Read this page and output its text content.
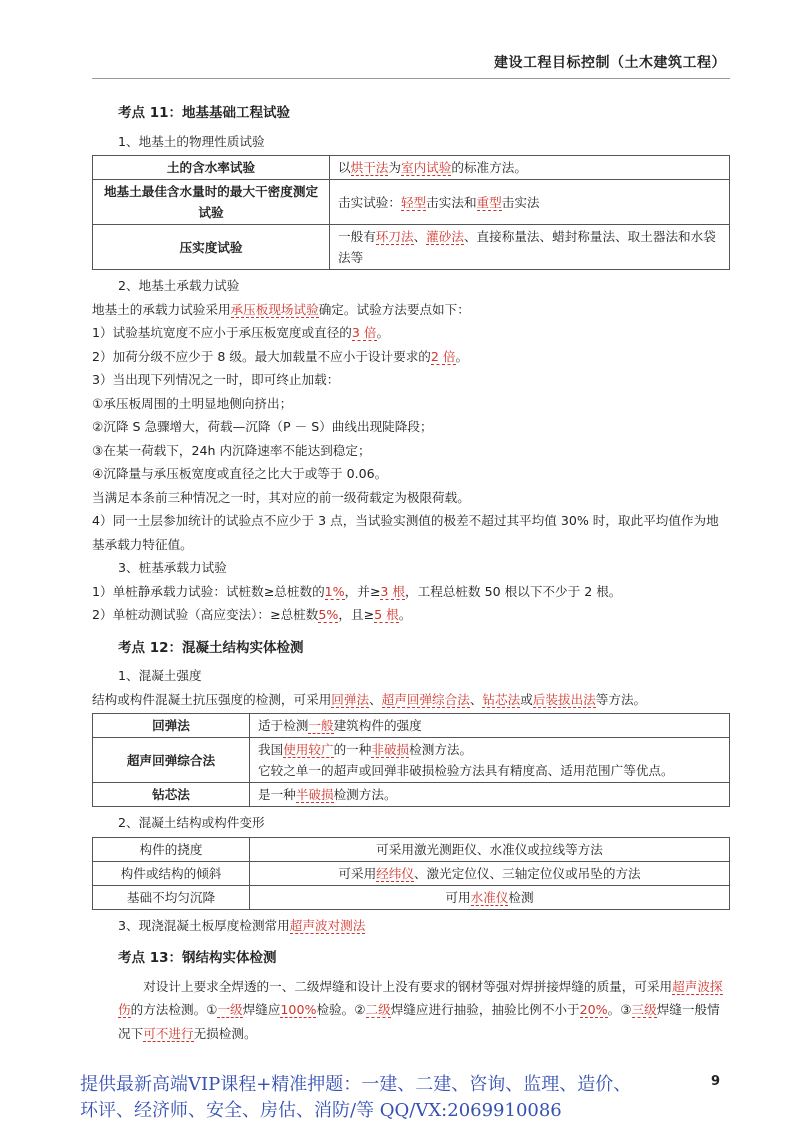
建设工程目标控制（土木建筑工程）
考点 11：地基基础工程试验
1、地基土的物理性质试验
土的含水率试验	以烘干法为室内试验的标准方法。
地基土最佳含水量时的最大干密度测定试验	击实试验：轻型击实法和重型击实法
压实度试验	一般有环刀法、灌砂法、直接称量法、蜡封称量法、取土器法和水袋法等
2、地基土承载力试验
地基土的承载力试验采用承压板现场试验确定。试验方法要点如下：
1）试验基坑宽度不应小于承压板宽度或直径的3 倍。
2）加荷分级不应少于 8 级。最大加载量不应小于设计要求的2 倍。
3）当出现下列情况之一时，即可终止加载：
①承压板周围的土明显地侧向挤出；
②沉降 S 急骤增大，荷载—沉降（P － S）曲线出现陡降段；
③在某一荷载下，24h 内沉降速率不能达到稳定；
④沉降量与承压板宽度或直径之比大于或等于 0.06。
当满足本条前三种情况之一时，其对应的前一级荷载定为极限荷载。
4）同一土层参加统计的试验点不应少于 3 点，当试验实测值的极差不超过其平均值 30% 时，取此平均值作为地基承载力特征值。
3、桩基承载力试验
1）单桩静承载力试验：试桩数≥总桩数的1%，并≥3 根，工程总桩数 50 根以下不少于 2 根。
2）单桩动测试验（高应变法）：≥总桩数5%，且≥5 根。
考点 12：混凝土结构实体检测
1、混凝土强度
结构或构件混凝土抗压强度的检测，可采用回弹法、超声回弹综合法、钻芯法或后装拔出法等方法。
回弹法	适于检测一般建筑构件的强度
超声回弹综合法	我国使用较广的一种非破损检测方法。
它较之单一的超声或回弹非破损检验方法具有精度高、适用范围广等优点。

钻芯法	是一种半破损检测方法。
2、混凝土结构或构件变形
构件的挠度	可采用激光测距仪、水准仪或拉线等方法
构件或结构的倾斜	可采用经纬仪、激光定位仪、三轴定位仪或吊坠的方法
基础不均匀沉降	可用水准仪检测
3、现浇混凝土板厚度检测常用超声波对测法
考点 13：钢结构实体检测
对设计上要求全焊透的一、二级焊缝和设计上没有要求的钢材等强对焊拼接焊缝的质量，可采用超声波探伤的方法检测。①一级焊缝应100%检验。②二级焊缝应进行抽验，抽验比例不小于20%。③三级焊缝一般情况下可不进行无损检测。
提供最新高端VIP课程+精准押题：一建、二建、咨询、监理、造价、
环评、经济师、安全、房估、消防/等 QQ/VX:2069910086
9
